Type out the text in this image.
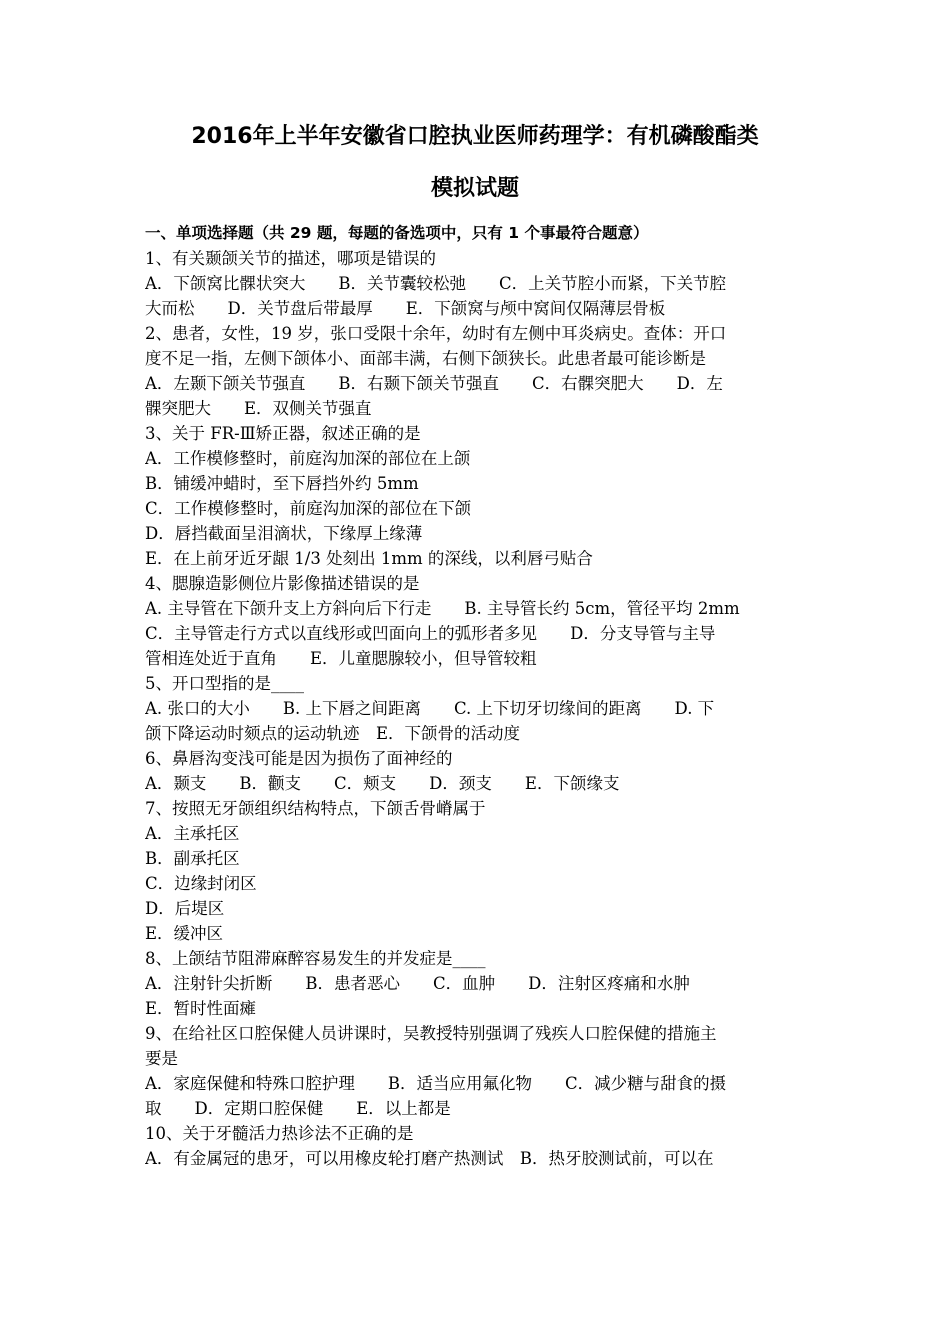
2016年上半年安徽省口腔执业医师药理学：有机磷酸酯类
模拟试题
一、单项选择题（共 29 题，每题的备选项中，只有 1 个事最符合题意）
1、有关颞颌关节的描述，哪项是错误的
A．下颌窝比髁状突大　　B．关节囊较松弛　　C．上关节腔小而紧，下关节腔
大而松　　D．关节盘后带最厚　　E．下颌窝与颅中窝间仅隔薄层骨板
2、患者，女性，19 岁，张口受限十余年，幼时有左侧中耳炎病史。查体：开口
度不足一指，左侧下颌体小、面部丰满，右侧下颌狭长。此患者最可能诊断是
A．左颞下颌关节强直　　B．右颞下颌关节强直　　C．右髁突肥大　　D．左
髁突肥大　　E．双侧关节强直
3、关于 FR-Ⅲ矫正器，叙述正确的是
A．工作模修整时，前庭沟加深的部位在上颌
B．铺缓冲蜡时，至下唇挡外约 5mm
C．工作模修整时，前庭沟加深的部位在下颌
D．唇挡截面呈泪滴状，下缘厚上缘薄
E．在上前牙近牙龈 1/3 处刻出 1mm 的深线，以利唇弓贴合
4、腮腺造影侧位片影像描述错误的是
A. 主导管在下颌升支上方斜向后下行走　　B. 主导管长约 5cm，管径平均 2mm
C．主导管走行方式以直线形或凹面向上的弧形者多见　　D．分支导管与主导
管相连处近于直角　　E．儿童腮腺较小，但导管较粗
5、开口型指的是____
A. 张口的大小　　B. 上下唇之间距离　　C. 上下切牙切缘间的距离　　D. 下
颌下降运动时颏点的运动轨迹　E．下颌骨的活动度
6、鼻唇沟变浅可能是因为损伤了面神经的
A．颞支　　B．颧支　　C．颊支　　D．颈支　　E．下颌缘支
7、按照无牙颌组织结构特点，下颌舌骨嵴属于
A．主承托区
B．副承托区
C．边缘封闭区
D．后堤区
E．缓冲区
8、上颌结节阻滞麻醉容易发生的并发症是____
A．注射针尖折断　　B．患者恶心　　C．血肿　　D．注射区疼痛和水肿
E．暂时性面瘫
9、在给社区口腔保健人员讲课时，吴教授特别强调了残疾人口腔保健的措施主
要是
A．家庭保健和特殊口腔护理　　B．适当应用氟化物　　C．减少糖与甜食的摄
取　　D．定期口腔保健　　E．以上都是
10、关于牙髓活力热诊法不正确的是
A．有金属冠的患牙，可以用橡皮轮打磨产热测试　B．热牙胶测试前，可以在
